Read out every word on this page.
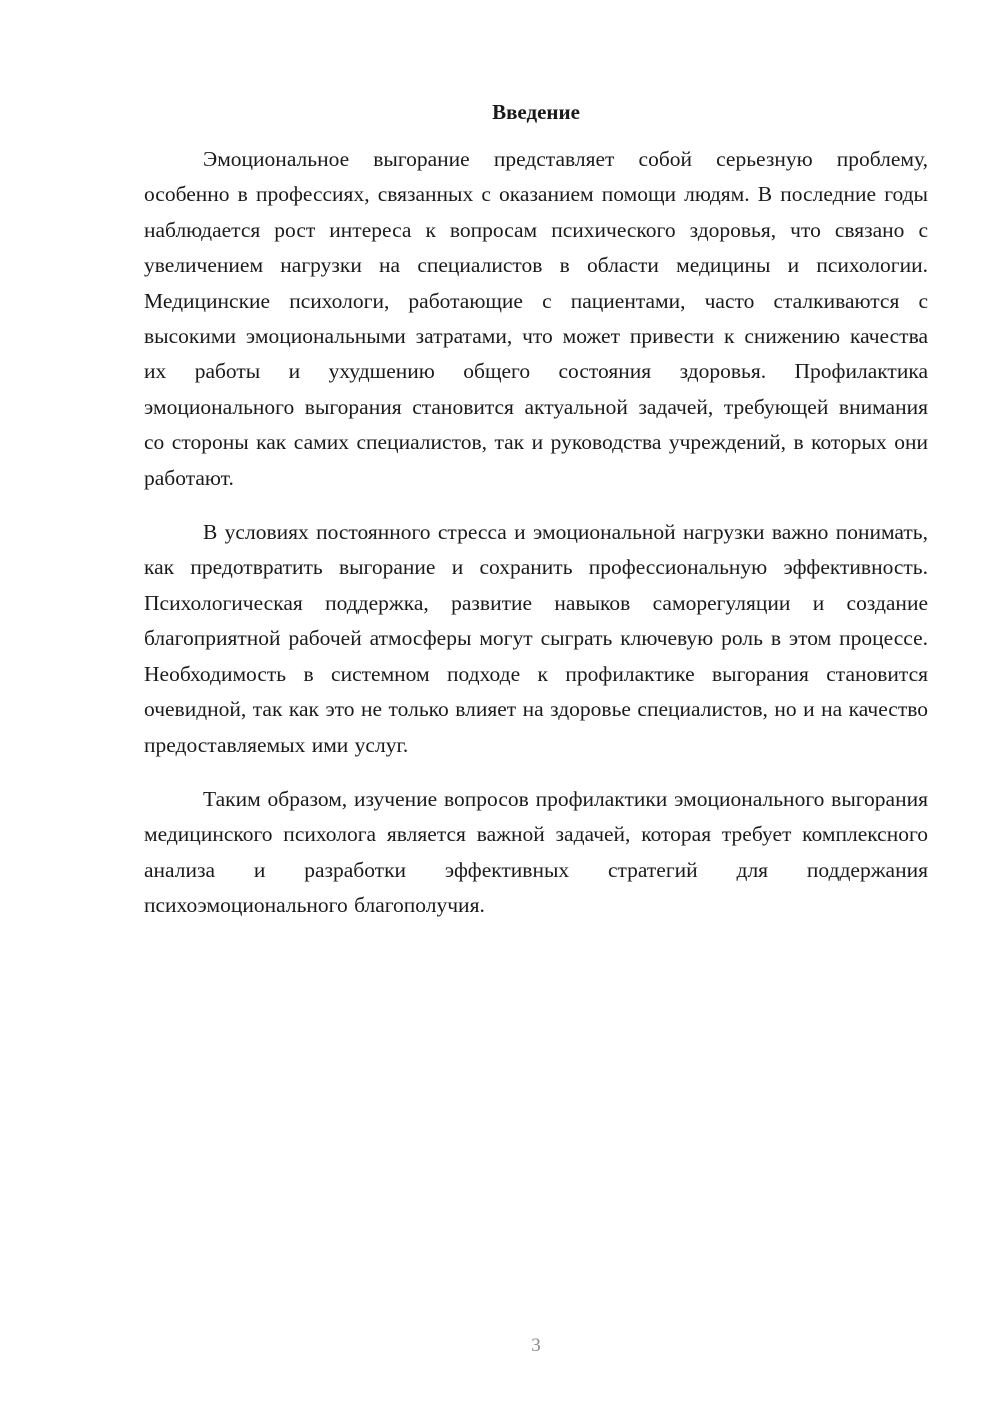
Введение

Эмоциональное выгорание представляет собой серьезную проблему, особенно в профессиях, связанных с оказанием помощи людям. В последние годы наблюдается рост интереса к вопросам психического здоровья, что связано с увеличением нагрузки на специалистов в области медицины и психологии. Медицинские психологи, работающие с пациентами, часто сталкиваются с высокими эмоциональными затратами, что может привести к снижению качества их работы и ухудшению общего состояния здоровья. Профилактика эмоционального выгорания становится актуальной задачей, требующей внимания со стороны как самих специалистов, так и руководства учреждений, в которых они работают.

В условиях постоянного стресса и эмоциональной нагрузки важно понимать, как предотвратить выгорание и сохранить профессиональную эффективность. Психологическая поддержка, развитие навыков саморегуляции и создание благоприятной рабочей атмосферы могут сыграть ключевую роль в этом процессе. Необходимость в системном подходе к профилактике выгорания становится очевидной, так как это не только влияет на здоровье специалистов, но и на качество предоставляемых ими услуг.

Таким образом, изучение вопросов профилактики эмоционального выгорания медицинского психолога является важной задачей, которая требует комплексного анализа и разработки эффективных стратегий для поддержания психоэмоционального благополучия.

3
